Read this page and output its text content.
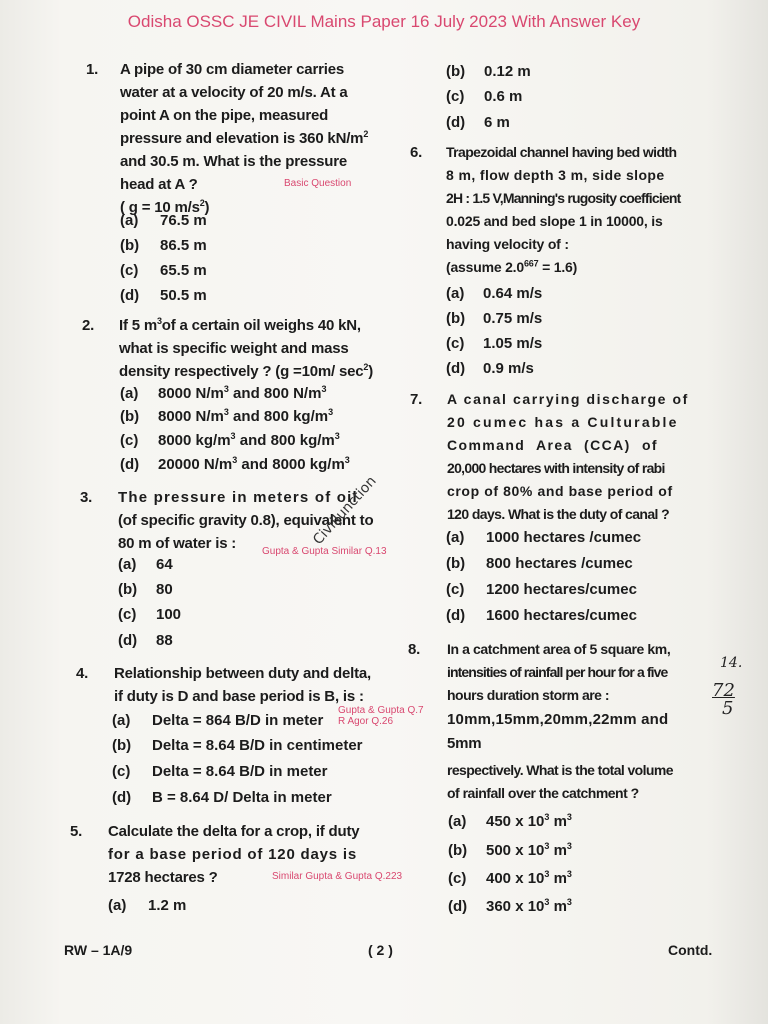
Odisha OSSC JE CIVIL Mains Paper 16 July 2023 With Answer Key
1. A pipe of 30 cm diameter carries
water at a velocity of 20 m/s. At a
point A on the pipe, measured
pressure and elevation is 360 $kN/m^2$
and 30.5 m. What is the pressure
head at A ?
( g = 10 $m/s^2$)
Basic Question
(a) 76.5 m
(b) 86.5 m
(c) 65.5 m
(d) 50.5 m
2. If 5 $m^3of$ a certain oil weighs 40 kN,
what is specific weight and mass
density respectively ? (g =10m/ $\sec^2$)
(a) 8000 $N/m^3$ and 800 $N/m^3$
(b) 8000 $N/m^3$ and 800 $kg/m^3$
(c) 8000 $kg/m^3$ and 800 $kg/m^3$
(d) 20000 $N/m^3$ and 8000 $kg/m^3$
3. The pressure in meters of oil
(of specific gravity 0.8), equivalent to
80 m of water is :	Gupta & Gupta Similar Q.13
(a) 64
(b) 80
(c) 100
(d) 88
4. Relationship between duty and delta,
if duty is D and base period is B, is :
Gupta & Gupta Q.7
R Agor Q.26
(a) Delta = 864 B/D in meter
(b) Delta = 8.64 B/D in centimeter
(c) Delta = 8.64 B/D in meter
(d) B = 8.64 D/ Delta in meter
5. Calculate the delta for a crop, if duty
for a base period of 120 days is
1728 hectares ?	Similar Gupta & Gupta Q.223
(a) 1.2 m
CivilJunction
(b) 0.12 m
(c) 0.6 m
(d) 6 m
6. Trapezoidal channel having bed width
8 m, flow depth 3 m, side slope
2H : 1.5 V,Manning's rugosity coefficient
0.025 and bed slope 1 in 10000, is
having velocity of :
(assume $2.0^{667} = 1.6$)
(a) 0.64 m/s
(b) 0.75 m/s
(c) 1.05 m/s
(d) 0.9 m/s
7. A canal carrying discharge of
20 cumec has a Culturable
Command Area (CCA) of
20,000 hectares with intensity of rabi
crop of 80% and base period of
120 days. What is the duty of canal ?
(a) 1000 hectares /cumec
(b) 800 hectares /cumec
(c) 1200 hectares/cumec
(d) 1600 hectares/cumec
8. In a catchment area of 5 square km,
intensities of rainfall per hour for a five
hours duration storm are :
10mm,15mm,20mm,22mm and
5mm
respectively. What is the total volume
of rainfall over the catchment ?
(a) 450 x $10^3$ $m^3$
(b) 500 x $10^3$ $m^3$
(c) 400 x $10^3$ $m^3$
(d) 360 x $10^3$ $m^3$
14.
72
5
RW – 1A/9	( 2 )	Contd.
